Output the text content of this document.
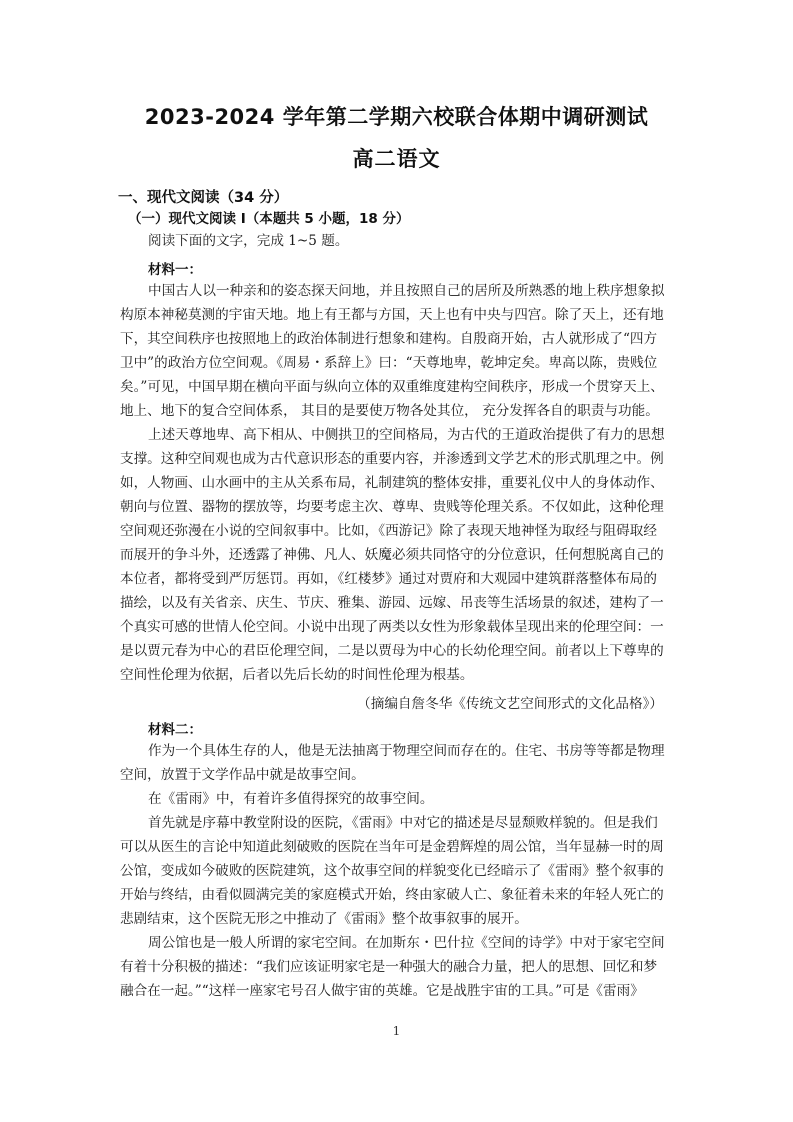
2023-2024 学年第二学期六校联合体期中调研测试
高二语文
一、现代文阅读（34 分）
（一）现代文阅读 I（本题共 5 小题，18 分）
阅读下面的文字，完成 1~5 题。
材料一：
中国古人以一种亲和的姿态探天问地，并且按照自己的居所及所熟悉的地上秩序想象拟
构原本神秘莫测的宇宙天地。地上有王都与方国，天上也有中央与四宫。除了天上，还有地
下，其空间秩序也按照地上的政治体制进行想象和建构。自殷商开始，古人就形成了“四方
卫中”的政治方位空间观。《周易・系辞上》曰：“天尊地卑，乾坤定矣。卑高以陈，贵贱位
矣。”可见，中国早期在横向平面与纵向立体的双重维度建构空间秩序，形成一个贯穿天上、
地上、地下的复合空间体系， 其目的是要使万物各处其位， 充分发挥各自的职责与功能。
上述天尊地卑、高下相从、中侧拱卫的空间格局，为古代的王道政治提供了有力的思想
支撑。这种空间观也成为古代意识形态的重要内容，并渗透到文学艺术的形式肌理之中。例
如，人物画、山水画中的主从关系布局，礼制建筑的整体安排，重要礼仪中人的身体动作、
朝向与位置、器物的摆放等，均要考虑主次、尊卑、贵贱等伦理关系。不仅如此，这种伦理
空间观还弥漫在小说的空间叙事中。比如，《西游记》除了表现天地神怪为取经与阻碍取经
而展开的争斗外，还透露了神佛、凡人、妖魔必须共同恪守的分位意识，任何想脱离自己的
本位者，都将受到严厉惩罚。再如，《红楼梦》通过对贾府和大观园中建筑群落整体布局的
描绘，以及有关省亲、庆生、节庆、雅集、游园、远嫁、吊丧等生活场景的叙述，建构了一
个真实可感的世情人伦空间。小说中出现了两类以女性为形象载体呈现出来的伦理空间：一
是以贾元春为中心的君臣伦理空间，二是以贾母为中心的长幼伦理空间。前者以上下尊卑的
空间性伦理为依据，后者以先后长幼的时间性伦理为根基。
（摘编自詹冬华《传统文艺空间形式的文化品格》）
材料二：
作为一个具体生存的人，他是无法抽离于物理空间而存在的。住宅、书房等等都是物理
空间，放置于文学作品中就是故事空间。
在《雷雨》中，有着许多值得探究的故事空间。
首先就是序幕中教堂附设的医院，《雷雨》中对它的描述是尽显颓败样貌的。但是我们
可以从医生的言论中知道此刻破败的医院在当年可是金碧辉煌的周公馆，当年显赫一时的周
公馆，变成如今破败的医院建筑，这个故事空间的样貌变化已经暗示了《雷雨》整个叙事的
开始与终结，由看似圆满完美的家庭模式开始，终由家破人亡、象征着未来的年轻人死亡的
悲剧结束，这个医院无形之中推动了《雷雨》整个故事叙事的展开。
周公馆也是一般人所谓的家宅空间。在加斯东・巴什拉《空间的诗学》中对于家宅空间
有着十分积极的描述：“我们应该证明家宅是一种强大的融合力量，把人的思想、回忆和梦
融合在一起。”“这样一座家宅号召人做宇宙的英雄。它是战胜宇宙的工具。”可是《雷雨》
1
